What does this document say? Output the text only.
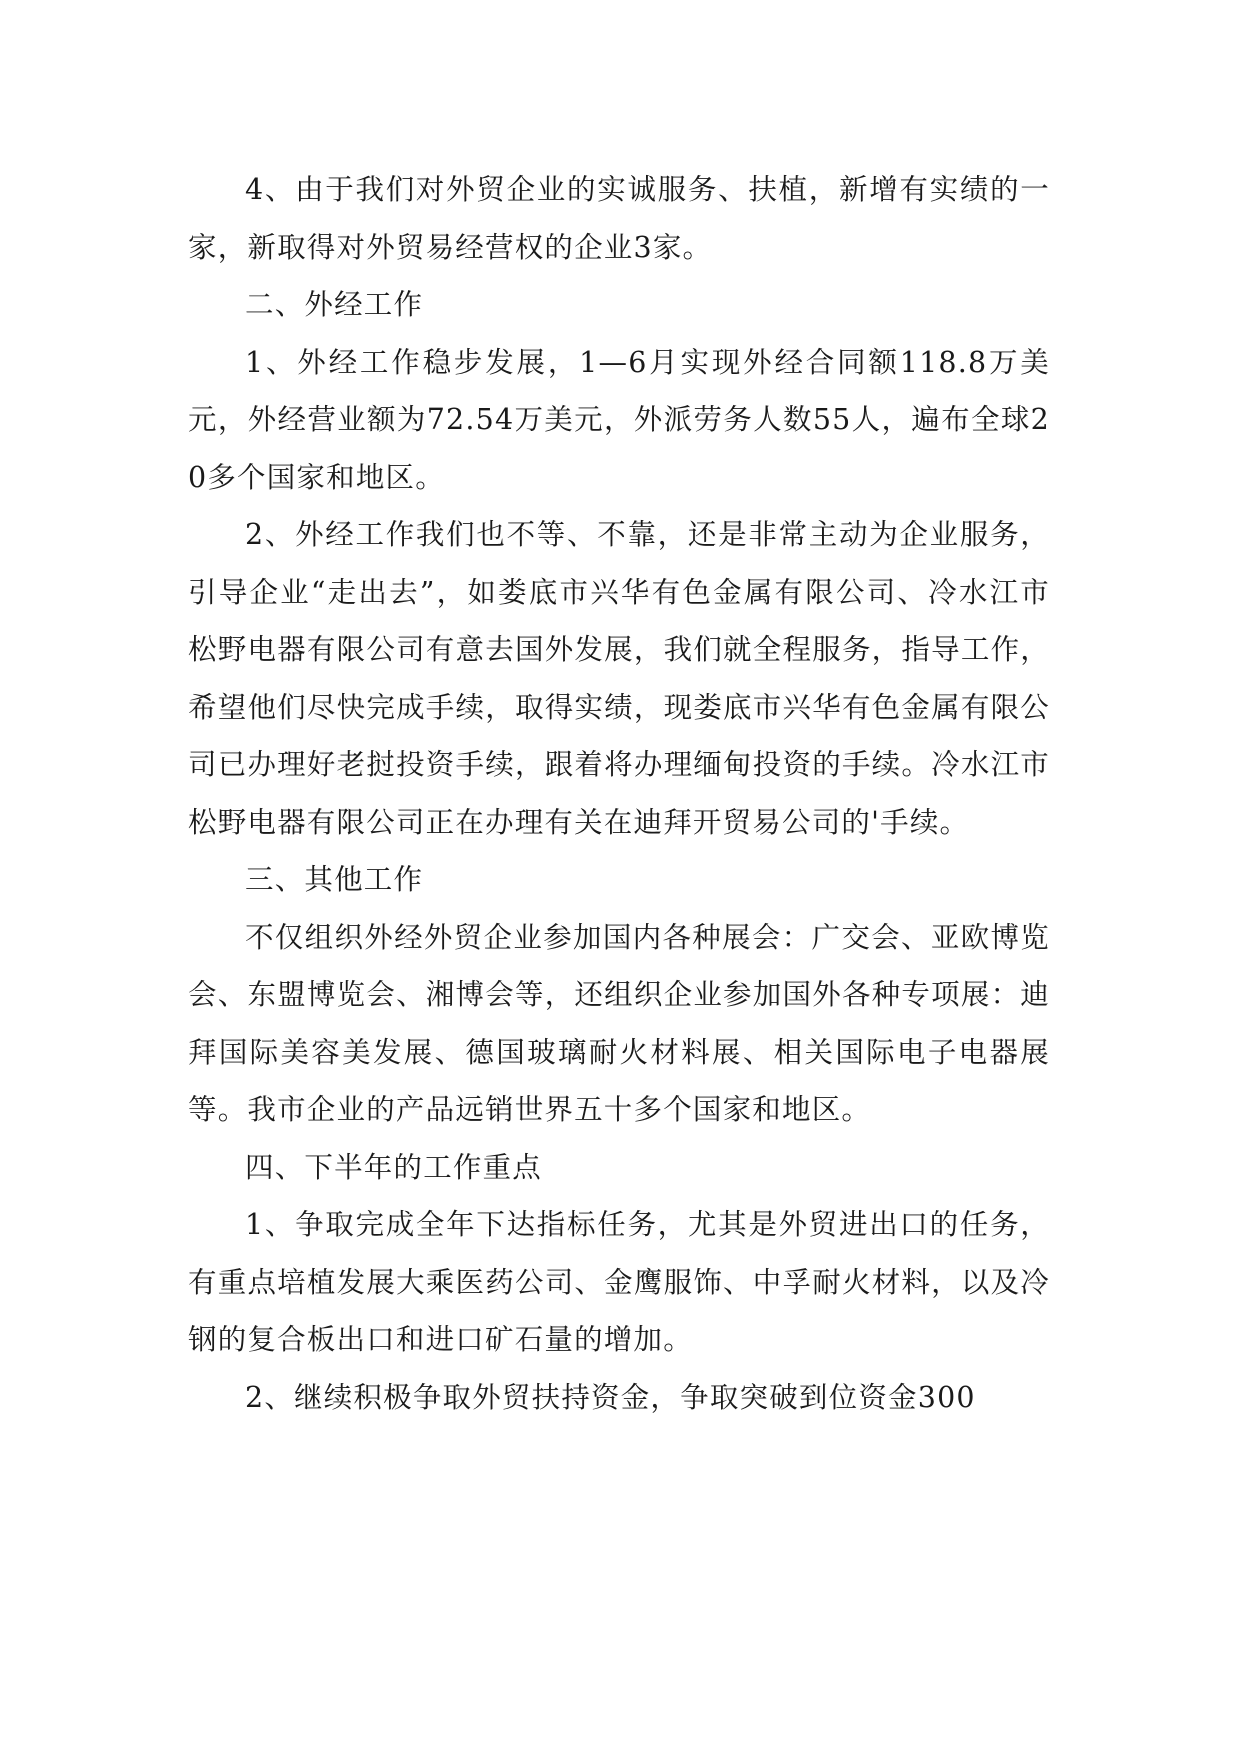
4、由于我们对外贸企业的实诚服务、扶植，新增有实绩的一家，新取得对外贸易经营权的企业3家。

二、外经工作

1、外经工作稳步发展，1—6月实现外经合同额118.8万美元，外经营业额为72.54万美元，外派劳务人数55人，遍布全球20多个国家和地区。

2、外经工作我们也不等、不靠，还是非常主动为企业服务，引导企业“走出去”，如娄底市兴华有色金属有限公司、冷水江市松野电器有限公司有意去国外发展，我们就全程服务，指导工作，希望他们尽快完成手续，取得实绩，现娄底市兴华有色金属有限公司已办理好老挝投资手续，跟着将办理缅甸投资的手续。冷水江市松野电器有限公司正在办理有关在迪拜开贸易公司的'手续。

三、其他工作

不仅组织外经外贸企业参加国内各种展会：广交会、亚欧博览会、东盟博览会、湘博会等，还组织企业参加国外各种专项展：迪拜国际美容美发展、德国玻璃耐火材料展、相关国际电子电器展等。我市企业的产品远销世界五十多个国家和地区。

四、下半年的工作重点

1、争取完成全年下达指标任务，尤其是外贸进出口的任务，有重点培植发展大乘医药公司、金鹰服饰、中孚耐火材料，以及冷钢的复合板出口和进口矿石量的增加。

2、继续积极争取外贸扶持资金，争取突破到位资金300
